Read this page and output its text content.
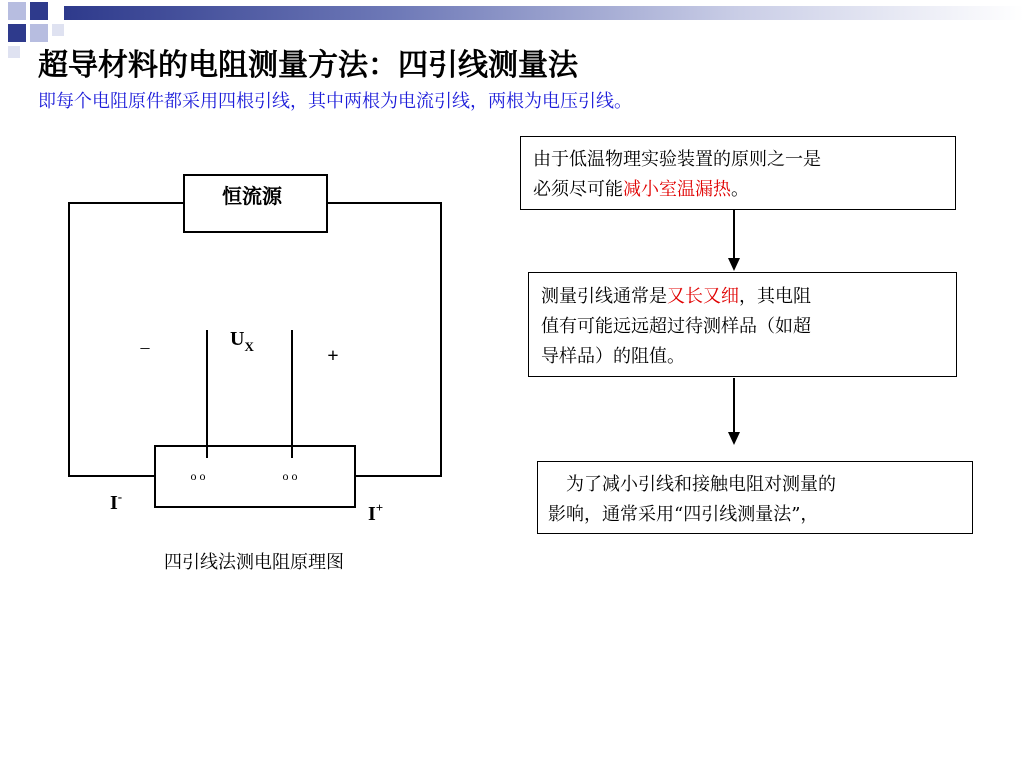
超导材料的电阻测量方法：四引线测量法
即每个电阻原件都采用四根引线，其中两根为电流引线，两根为电压引线。
恒流源
–	$U_X$	+
o o	o o
I-
I+
四引线法测电阻原理图
由于低温物理实验装置的原则之一是
必须尽可能减小室温漏热。
测量引线通常是又长又细，其电阻
值有可能远远超过待测样品（如超
导样品）的阻值。
为了减小引线和接触电阻对测量的
影响，通常采用“四引线测量法”，
